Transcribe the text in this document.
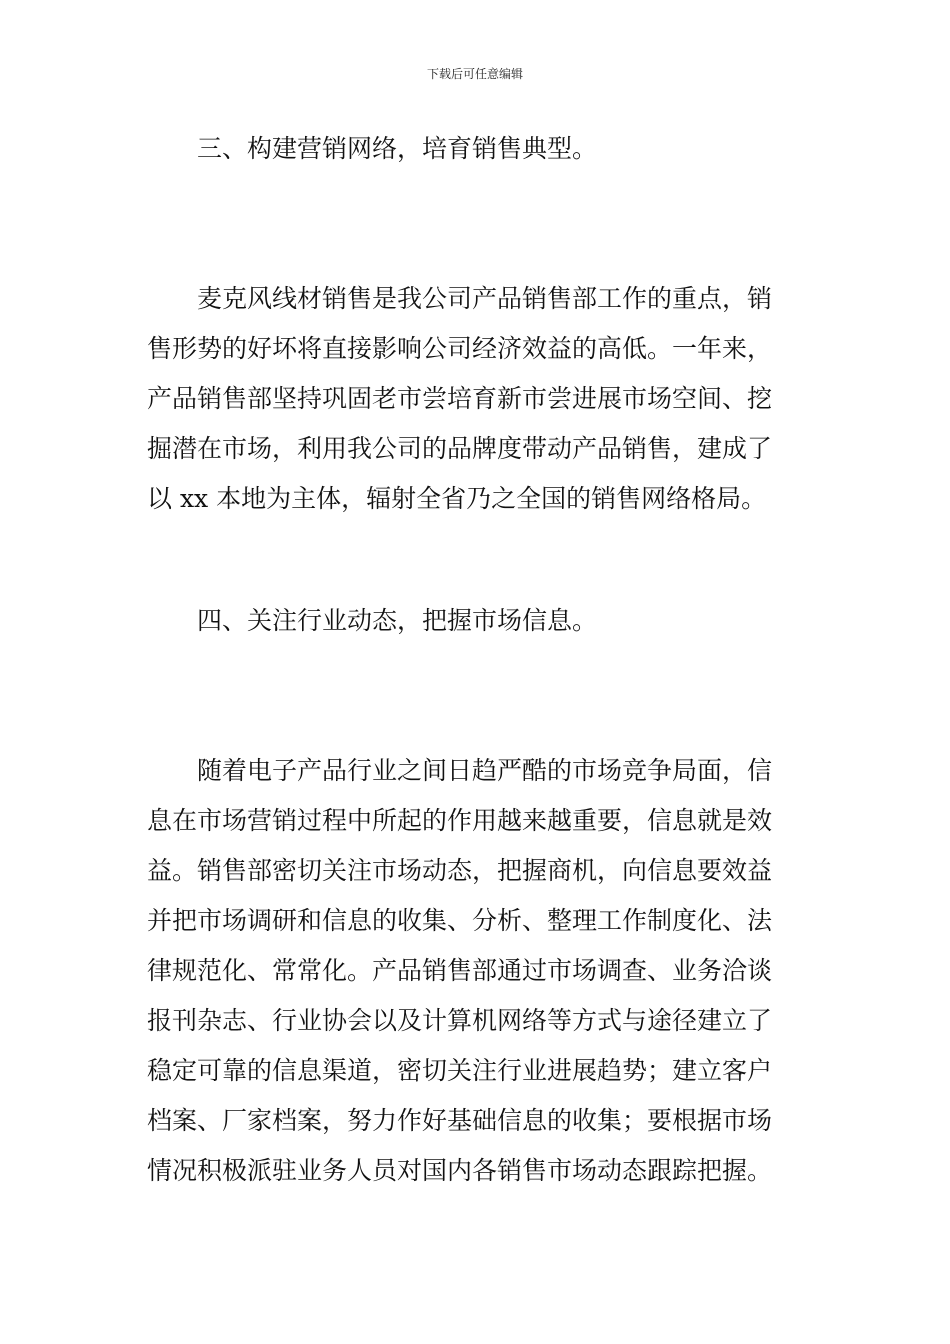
下载后可任意编辑
三、构建营销网络，培育销售典型。
麦克风线材销售是我公司产品销售部工作的重点，销
售形势的好坏将直接影响公司经济效益的高低。一年来，
产品销售部坚持巩固老市尝培育新市尝进展市场空间、挖
掘潜在市场，利用我公司的品牌度带动产品销售，建成了
以 xx 本地为主体，辐射全省乃之全国的销售网络格局。
四、关注行业动态，把握市场信息。
随着电子产品行业之间日趋严酷的市场竞争局面，信
息在市场营销过程中所起的作用越来越重要，信息就是效
益。销售部密切关注市场动态，把握商机，向信息要效益
并把市场调研和信息的收集、分析、整理工作制度化、法
律规范化、常常化。产品销售部通过市场调查、业务洽谈
报刊杂志、行业协会以及计算机网络等方式与途径建立了
稳定可靠的信息渠道，密切关注行业进展趋势；建立客户
档案、厂家档案，努力作好基础信息的收集；要根据市场
情况积极派驻业务人员对国内各销售市场动态跟踪把握。
